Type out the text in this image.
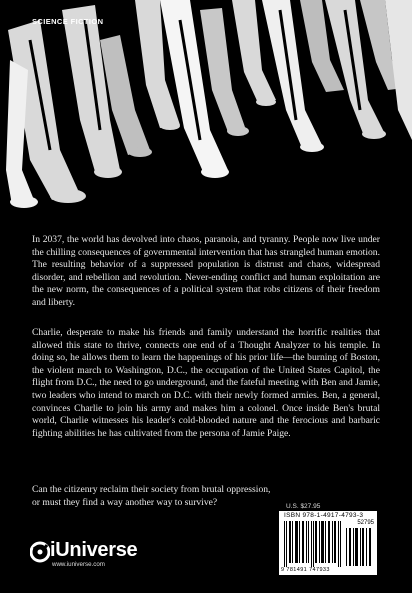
SCIENCE FICTION

In 2037, the world has devolved into chaos, paranoia, and tyranny. People now live under the chilling consequences of governmental intervention that has strangled human emotion. The resulting behavior of a suppressed population is distrust and chaos, widespread disorder, and rebellion and revolution. Never-ending conflict and human exploitation are the new norm, the consequences of a political system that robs citizens of their freedom and liberty.

Charlie, desperate to make his friends and family understand the horrific realities that allowed this state to thrive, connects one end of a Thought Analyzer to his temple. In doing so, he allows them to learn the happenings of his prior life—the burning of Boston, the violent march to Washington, D.C., the occupation of the United States Capitol, the flight from D.C., the need to go underground, and the fateful meeting with Ben and Jamie, two leaders who intend to march on D.C. with their newly formed armies. Ben, a general, convinces Charlie to join his army and makes him a colonel. Once inside Ben's brutal world, Charlie witnesses his leader's cold-blooded nature and the ferocious and barbaric fighting abilities he has cultivated from the persona of Jamie Paige.

Can the citizenry reclaim their society from brutal oppression, or must they find a way another way to survive?	U.S. $27.95
ISBN 978-1-4917-4793-3
52795
9 781491 747933
iUniverse
www.iuniverse.com
